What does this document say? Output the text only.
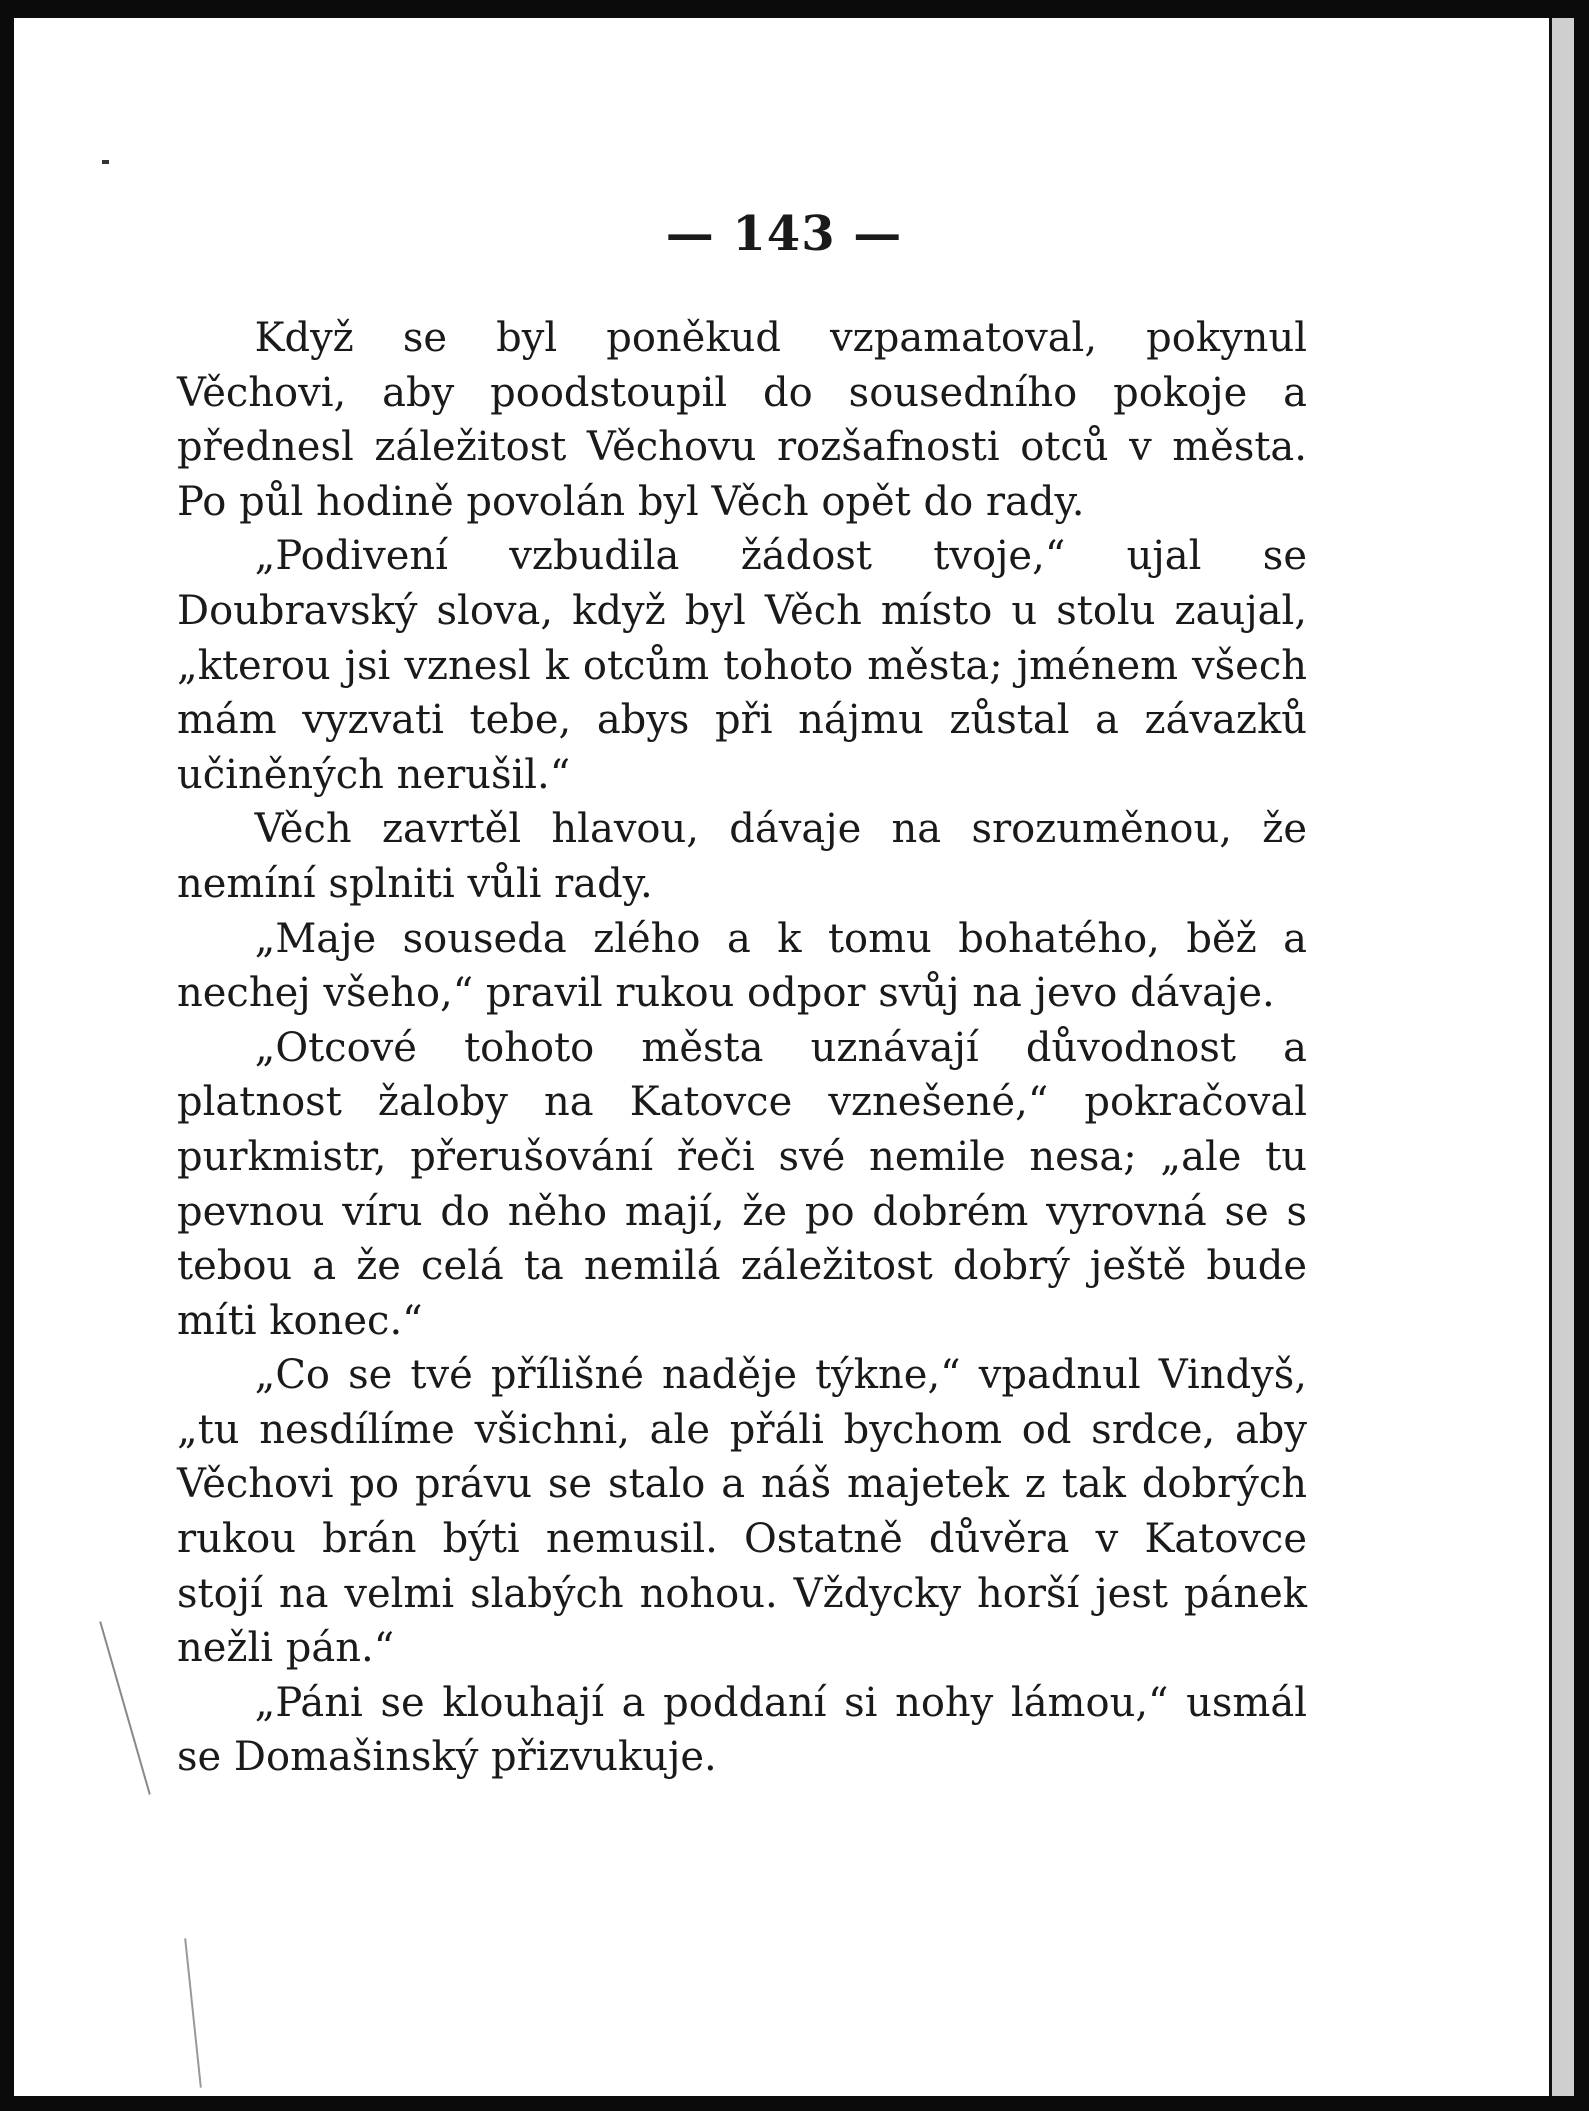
— 143 —

Když se byl poněkud vzpamatoval, pokynul Věchovi, aby poodstoupil do sousedního pokoje a přednesl záležitost Věchovu rozšafnosti otců v města. Po půl hodině povolán byl Věch opět do rady.

„Podivení vzbudila žádost tvoje,“ ujal se Doubravský slova, když byl Věch místo u stolu zaujal, „kterou jsi vznesl k otcům tohoto města; jménem všech mám vyzvati tebe, abys při nájmu zůstal a závazků učiněných nerušil.“

Věch zavrtěl hlavou, dávaje na srozuměnou, že nemíní splniti vůli rady.

„Maje souseda zlého a k tomu bohatého, běž a nechej všeho,“ pravil rukou odpor svůj na jevo dávaje.

„Otcové tohoto města uznávají důvodnost a platnost žaloby na Katovce vznešené,“ pokračoval purkmistr, přerušování řeči své nemile nesa; „ale tu pevnou víru do něho mají, že po dobrém vyrovná se s tebou a že celá ta nemilá záležitost dobrý ještě bude míti konec.“

„Co se tvé přílišné naděje týkne,“ vpadnul Vindyš, „tu nesdílíme všichni, ale přáli bychom od srdce, aby Věchovi po právu se stalo a náš majetek z tak dobrých rukou brán býti nemusil. Ostatně důvěra v Katovce stojí na velmi slabých nohou. Vždycky horší jest pánek nežli pán.“

„Páni se klouhají a poddaní si nohy lámou,“ usmál se Domašinský přizvukuje.
